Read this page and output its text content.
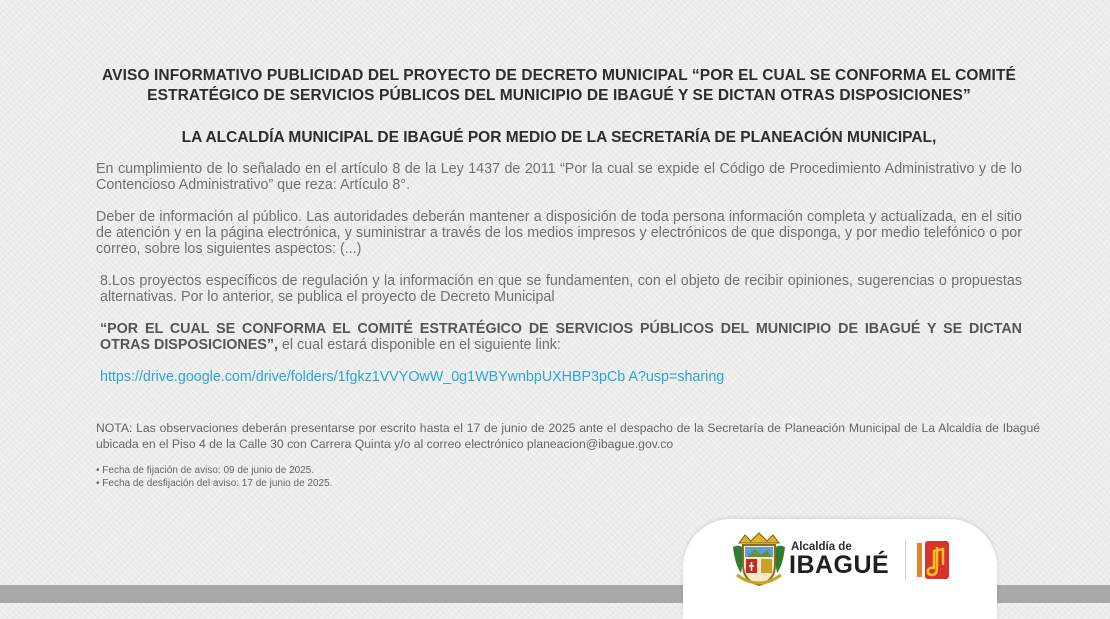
AVISO INFORMATIVO PUBLICIDAD DEL PROYECTO DE DECRETO MUNICIPAL “POR EL CUAL SE CONFORMA EL COMITÉ ESTRATÉGICO DE SERVICIOS PÚBLICOS DEL MUNICIPIO DE IBAGUÉ Y SE DICTAN OTRAS DISPOSICIONES”
LA ALCALDÍA MUNICIPAL DE IBAGUÉ POR MEDIO DE LA SECRETARÍA DE PLANEACIÓN MUNICIPAL,

En cumplimiento de lo señalado en el artículo 8 de la Ley 1437 de 2011 “Por la cual se expide el Código de Procedimiento Administrativo y de lo Contencioso Administrativo” que reza: Artículo 8°.

Deber de información al público. Las autoridades deberán mantener a disposición de toda persona información completa y actualizada, en el sitio de atención y en la página electrónica, y suministrar a través de los medios impresos y electrónicos de que disponga, y por medio telefónico o por correo, sobre los siguientes aspectos: (...)

8.Los proyectos específicos de regulación y la información en que se fundamenten, con el objeto de recibir opiniones, sugerencias o propuestas alternativas. Por lo anterior, se publica el proyecto de Decreto Municipal

“POR EL CUAL SE CONFORMA EL COMITÉ ESTRATÉGICO DE SERVICIOS PÚBLICOS DEL MUNICIPIO DE IBAGUÉ Y SE DICTAN OTRAS DISPOSICIONES”, el cual estará disponible en el siguiente link:

https://drive.google.com/drive/folders/1fgkz1VVYOwW_0g1WBYwnbpUXHBP3pCb A?usp=sharing

NOTA: Las observaciones deberán presentarse por escrito hasta el 17 de junio de 2025 ante el despacho de la Secretaría de Planeación Municipal de La Alcaldía de Ibagué ubicada en el Piso 4 de la Calle 30 con Carrera Quinta y/o al correo electrónico planeacion@ibague.gov.co

• Fecha de fijación de aviso: 09 de junio de 2025.
• Fecha de desfijación del aviso: 17 de junio de 2025.
Alcaldía de
IBAGUÉ
